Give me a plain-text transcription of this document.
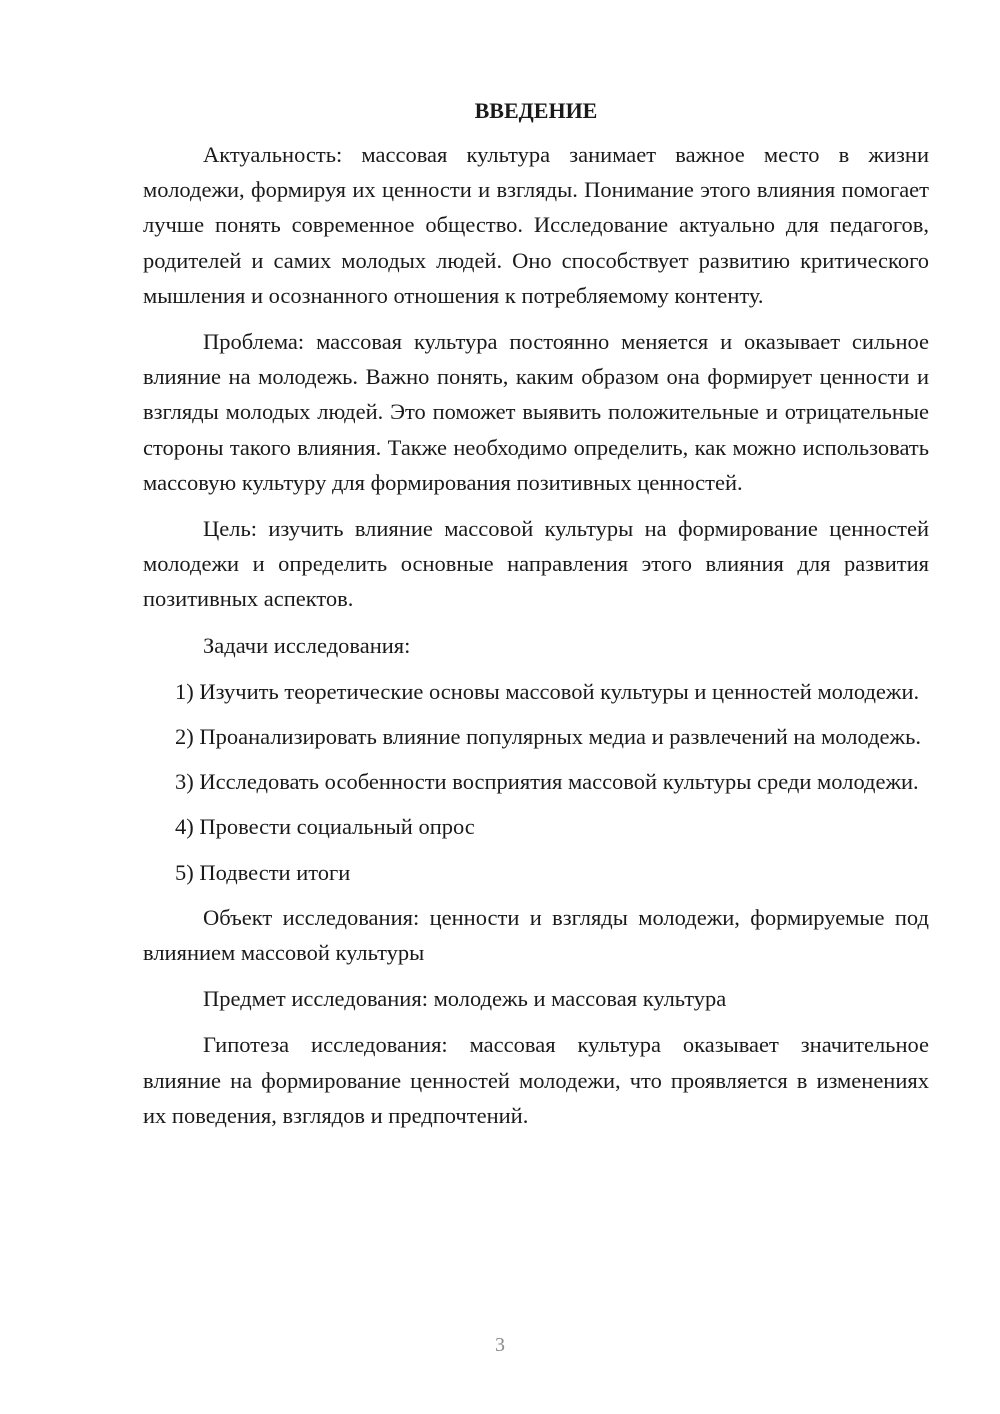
ВВЕДЕНИЕ

Актуальность: массовая культура занимает важное место в жизни молодежи, формируя их ценности и взгляды. Понимание этого влияния помогает лучше понять современное общество. Исследование актуально для педагогов, родителей и самих молодых людей. Оно способствует развитию критического мышления и осознанного отношения к потребляемому контенту.

Проблема: массовая культура постоянно меняется и оказывает сильное влияние на молодежь. Важно понять, каким образом она формирует ценности и взгляды молодых людей. Это поможет выявить положительные и отрицательные стороны такого влияния. Также необходимо определить, как можно использовать массовую культуру для формирования позитивных ценностей.

Цель: изучить влияние массовой культуры на формирование ценностей молодежи и определить основные направления этого влияния для развития позитивных аспектов.

Задачи исследования:

1) Изучить теоретические основы массовой культуры и ценностей молодежи.

2) Проанализировать влияние популярных медиа и развлечений на молодежь.

3) Исследовать особенности восприятия массовой культуры среди молодежи.

4) Провести социальный опрос

5) Подвести итоги

Объект исследования: ценности и взгляды молодежи, формируемые под влиянием массовой культуры

Предмет исследования: молодежь и массовая культура

Гипотеза исследования: массовая культура оказывает значительное влияние на формирование ценностей молодежи, что проявляется в изменениях их поведения, взглядов и предпочтений.

3
